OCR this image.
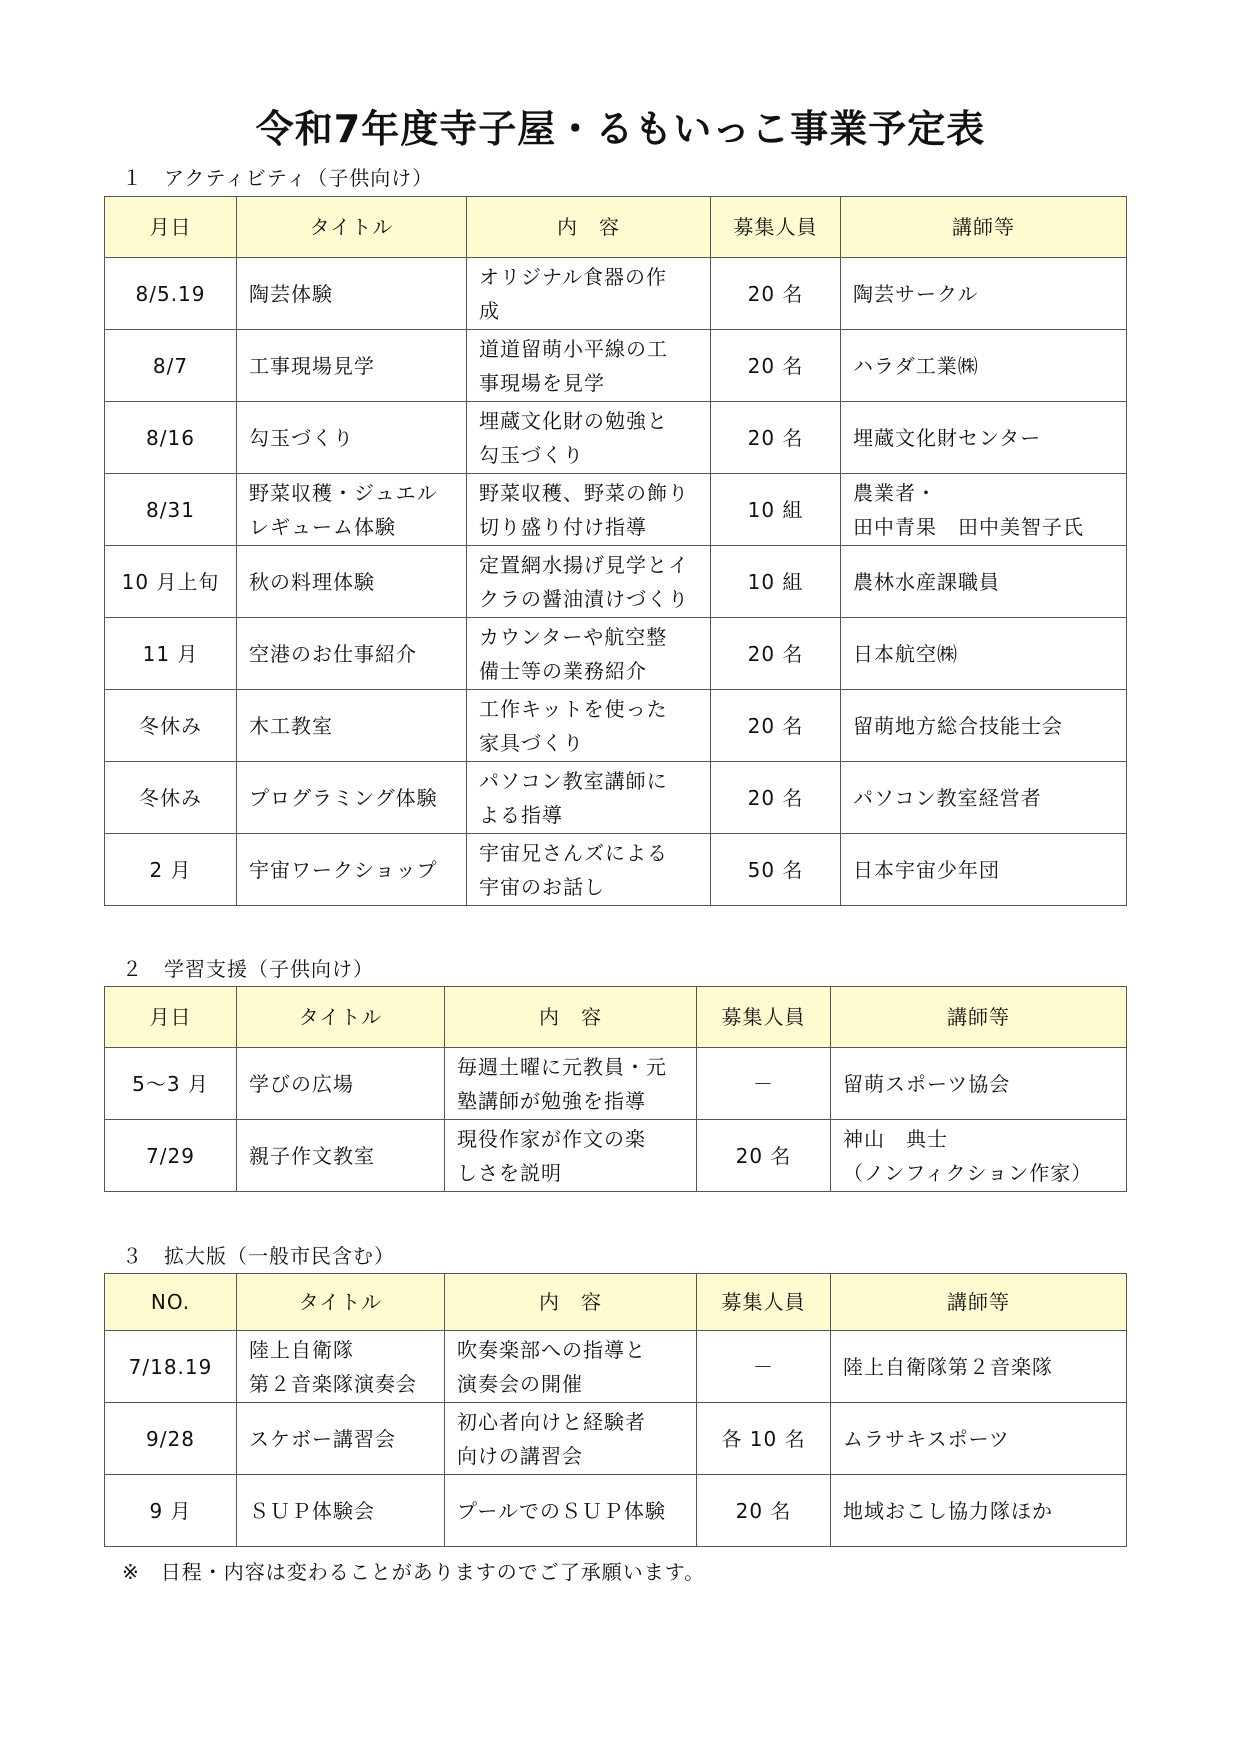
令和7年度寺子屋・るもいっこ事業予定表

１　アクティビティ（子供向け）

月日	タイトル	内　容	募集人員	講師等
8/5.19	陶芸体験	オリジナル食器の作
成	20 名	陶芸サークル

8/7	工事現場見学	道道留萌小平線の工
事現場を見学	20 名	ハラダ工業㈱

8/16	勾玉づくり	埋蔵文化財の勉強と
勾玉づくり	20 名	埋蔵文化財センター

8/31	野菜収穫・ジュエル
レギューム体験	野菜収穫、野菜の飾り
切り盛り付け指導	10 組	農業者・
田中青果　田中美智子氏

10 月上旬	秋の料理体験	定置網水揚げ見学とイ
クラの醤油漬けづくり	10 組	農林水産課職員

11 月	空港のお仕事紹介	カウンターや航空整
備士等の業務紹介	20 名	日本航空㈱

冬休み	木工教室	工作キットを使った
家具づくり	20 名	留萌地方総合技能士会

冬休み	プログラミング体験	パソコン教室講師に
よる指導	20 名	パソコン教室経営者

2 月	宇宙ワークショップ	宇宙兄さんズによる
宇宙のお話し	50 名	日本宇宙少年団

２　学習支援（子供向け）

月日	タイトル	内　容	募集人員	講師等
5～3 月	学びの広場	毎週土曜に元教員・元
塾講師が勉強を指導	－	留萌スポーツ協会

7/29	親子作文教室	現役作家が作文の楽
しさを説明	20 名	神山　典士
（ノンフィクション作家）

３　拡大版（一般市民含む）

NO.	タイトル	内　容	募集人員	講師等
7/18.19	陸上自衛隊
第２音楽隊演奏会	吹奏楽部への指導と
演奏会の開催	－	陸上自衛隊第２音楽隊

9/28	スケボー講習会	初心者向けと経験者
向けの講習会	各 10 名	ムラサキスポーツ

9 月	ＳＵＰ体験会	プールでのＳＵＰ体験	20 名	地域おこし協力隊ほか

※　日程・内容は変わることがありますのでご了承願います。
